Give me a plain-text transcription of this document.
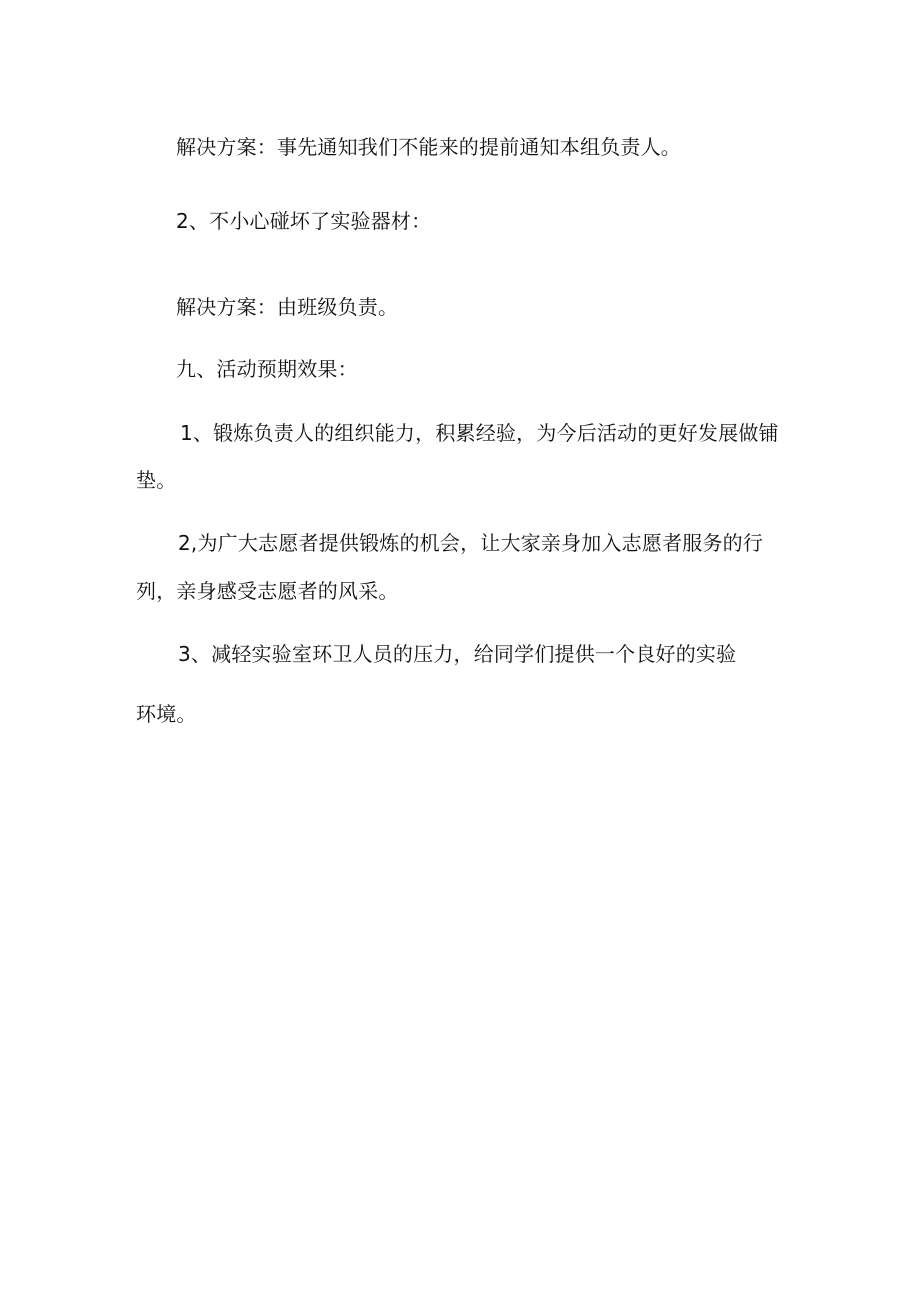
解决方案：事先通知我们不能来的提前通知本组负责人。
2、不小心碰坏了实验器材：
解决方案：由班级负责。
九、活动预期效果：
1、锻炼负责人的组织能力，积累经验，为今后活动的更好发展做铺
垫。
2,为广大志愿者提供锻炼的机会，让大家亲身加入志愿者服务的行
列，亲身感受志愿者的风采。
3、减轻实验室环卫人员的压力，给同学们提供一个良好的实验
环境。
